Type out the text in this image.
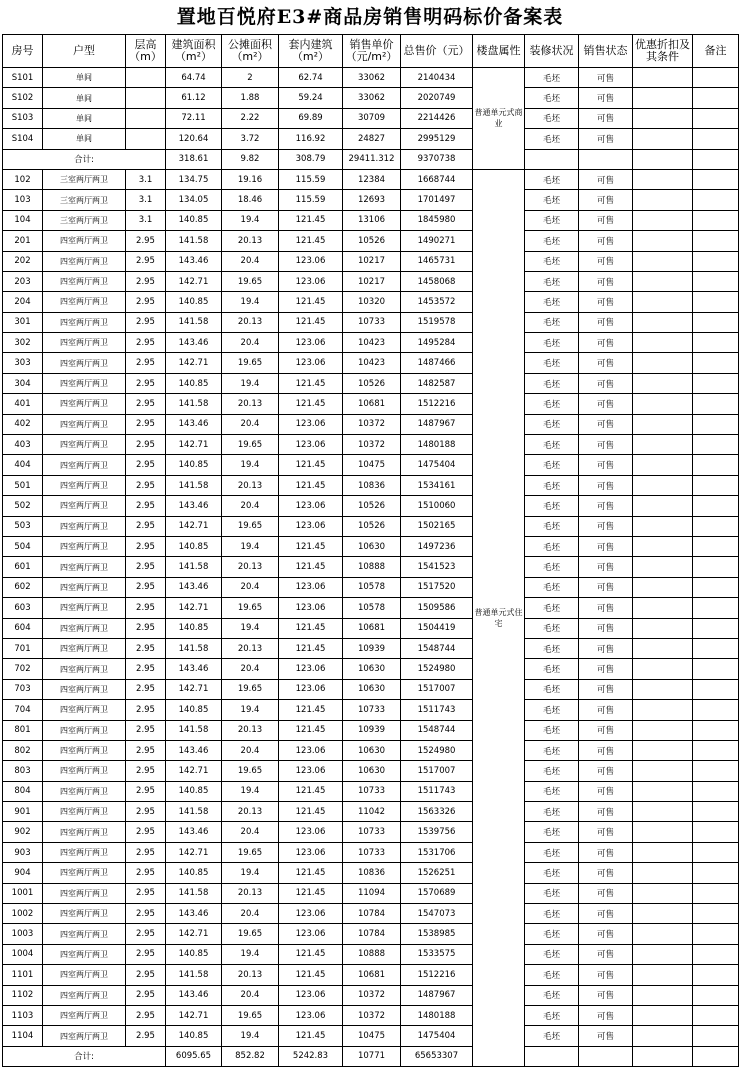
置地百悦府E3#商品房销售明码标价备案表
房号	户型	层高（m）	建筑面积（m²）	公摊面积（m²）	套内建筑（m²）	销售单价（元/m²）	总售价（元）	楼盘属性	装修状况	销售状态	优惠折扣及其条件	备注
S101	单间		64.74	2	62.74	33062	2140434	普通单元式商业	毛坯	可售		
S102	单间		61.12	1.88	59.24	33062	2020749		毛坯	可售		
S103	单间		72.11	2.22	69.89	30709	2214426		毛坯	可售		
S104	单间		120.64	3.72	116.92	24827	2995129		毛坯	可售		
合计:			318.61	9.82	308.79	29411.312	9370738					
102	三室两厅两卫	3.1	134.75	19.16	115.59	12384	1668744	普通单元式住宅	毛坯	可售		
103	三室两厅两卫	3.1	134.05	18.46	115.59	12693	1701497		毛坯	可售		
104	三室两厅两卫	3.1	140.85	19.4	121.45	13106	1845980		毛坯	可售		
201	四室两厅两卫	2.95	141.58	20.13	121.45	10526	1490271		毛坯	可售		
202	四室两厅两卫	2.95	143.46	20.4	123.06	10217	1465731		毛坯	可售		
203	四室两厅两卫	2.95	142.71	19.65	123.06	10217	1458068		毛坯	可售		
204	四室两厅两卫	2.95	140.85	19.4	121.45	10320	1453572		毛坯	可售		
301	四室两厅两卫	2.95	141.58	20.13	121.45	10733	1519578		毛坯	可售		
302	四室两厅两卫	2.95	143.46	20.4	123.06	10423	1495284		毛坯	可售		
303	四室两厅两卫	2.95	142.71	19.65	123.06	10423	1487466		毛坯	可售		
304	四室两厅两卫	2.95	140.85	19.4	121.45	10526	1482587		毛坯	可售		
401	四室两厅两卫	2.95	141.58	20.13	121.45	10681	1512216		毛坯	可售		
402	四室两厅两卫	2.95	143.46	20.4	123.06	10372	1487967		毛坯	可售		
403	四室两厅两卫	2.95	142.71	19.65	123.06	10372	1480188		毛坯	可售		
404	四室两厅两卫	2.95	140.85	19.4	121.45	10475	1475404		毛坯	可售		
501	四室两厅两卫	2.95	141.58	20.13	121.45	10836	1534161		毛坯	可售		
502	四室两厅两卫	2.95	143.46	20.4	123.06	10526	1510060		毛坯	可售		
503	四室两厅两卫	2.95	142.71	19.65	123.06	10526	1502165		毛坯	可售		
504	四室两厅两卫	2.95	140.85	19.4	121.45	10630	1497236		毛坯	可售		
601	四室两厅两卫	2.95	141.58	20.13	121.45	10888	1541523		毛坯	可售		
602	四室两厅两卫	2.95	143.46	20.4	123.06	10578	1517520		毛坯	可售		
603	四室两厅两卫	2.95	142.71	19.65	123.06	10578	1509586		毛坯	可售		
604	四室两厅两卫	2.95	140.85	19.4	121.45	10681	1504419		毛坯	可售		
701	四室两厅两卫	2.95	141.58	20.13	121.45	10939	1548744		毛坯	可售		
702	四室两厅两卫	2.95	143.46	20.4	123.06	10630	1524980		毛坯	可售		
703	四室两厅两卫	2.95	142.71	19.65	123.06	10630	1517007		毛坯	可售		
704	四室两厅两卫	2.95	140.85	19.4	121.45	10733	1511743		毛坯	可售		
801	四室两厅两卫	2.95	141.58	20.13	121.45	10939	1548744		毛坯	可售		
802	四室两厅两卫	2.95	143.46	20.4	123.06	10630	1524980		毛坯	可售		
803	四室两厅两卫	2.95	142.71	19.65	123.06	10630	1517007		毛坯	可售		
804	四室两厅两卫	2.95	140.85	19.4	121.45	10733	1511743		毛坯	可售		
901	四室两厅两卫	2.95	141.58	20.13	121.45	11042	1563326		毛坯	可售		
902	四室两厅两卫	2.95	143.46	20.4	123.06	10733	1539756		毛坯	可售		
903	四室两厅两卫	2.95	142.71	19.65	123.06	10733	1531706		毛坯	可售		
904	四室两厅两卫	2.95	140.85	19.4	121.45	10836	1526251		毛坯	可售		
1001	四室两厅两卫	2.95	141.58	20.13	121.45	11094	1570689		毛坯	可售		
1002	四室两厅两卫	2.95	143.46	20.4	123.06	10784	1547073		毛坯	可售		
1003	四室两厅两卫	2.95	142.71	19.65	123.06	10784	1538985		毛坯	可售		
1004	四室两厅两卫	2.95	140.85	19.4	121.45	10888	1533575		毛坯	可售		
1101	四室两厅两卫	2.95	141.58	20.13	121.45	10681	1512216		毛坯	可售		
1102	四室两厅两卫	2.95	143.46	20.4	123.06	10372	1487967		毛坯	可售		
1103	四室两厅两卫	2.95	142.71	19.65	123.06	10372	1480188		毛坯	可售		
1104	四室两厅两卫	2.95	140.85	19.4	121.45	10475	1475404		毛坯	可售		
合计:			6095.65	852.82	5242.83	10771	65653307					
